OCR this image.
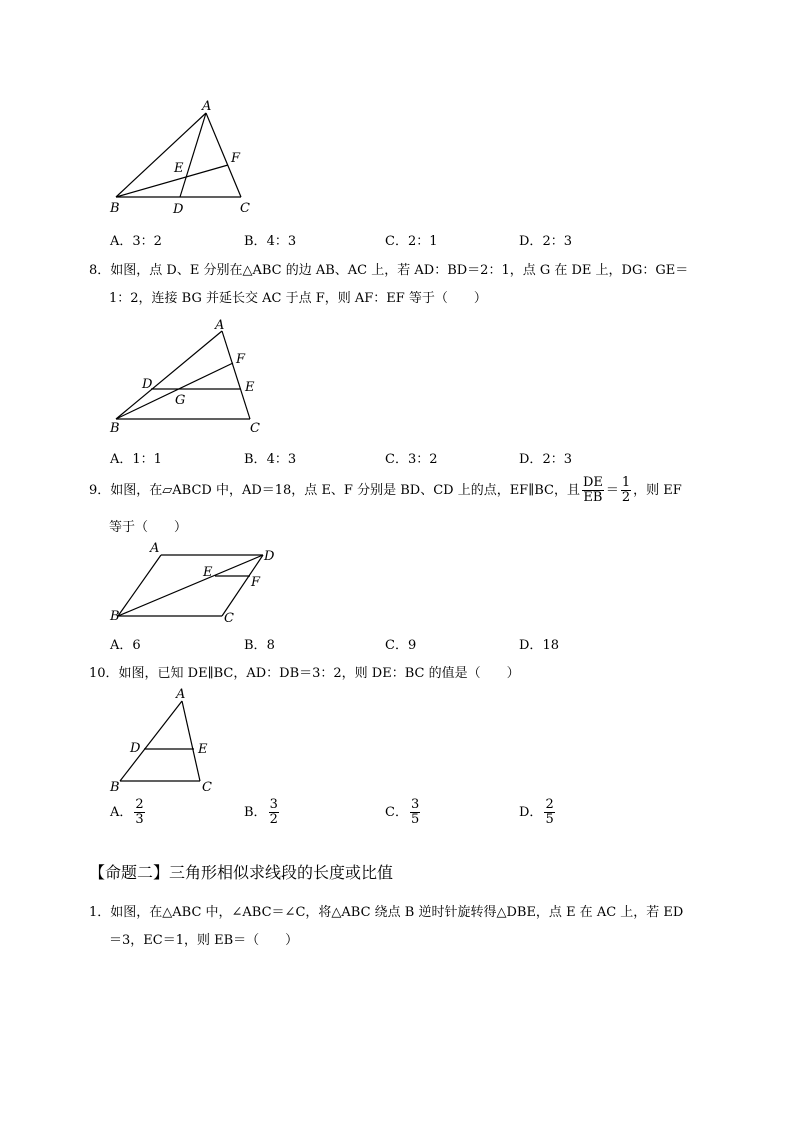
A
B	C
D
E
F
A．3：2	B．4：3	C．2：1	D．2：3
8．如图，点 D、E 分别在△ABC 的边 AB、AC 上，若 AD：BD＝2：1，点 G 在 DE 上，DG：GE＝
1：2，连接 BG 并延长交 AC 于点 F，则 AF：EF 等于（　　）
A
B	C
D	E
F
G
A．1：1	B．4：3	C．3：2	D．2：3
9．如图，在▱ABCD 中，AD＝18，点 E、F 分别是 BD、CD 上的点，EF∥BC，且 $\frac{DE}{EB} = \frac{1}{2}$ ，则 EF
等于（　　）
A
B	C
D
E
F
A．6	B．8	C．9	D．18
10．如图，已知 DE∥BC，AD：DB＝3：2，则 DE：BC 的值是（　　）
A
B	C
D	E
A． $\frac{2}{3}$	B． $\frac{3}{2}$	C． $\frac{3}{5}$	D． $\frac{2}{5}$
【命题二】三角形相似求线段的长度或比值
1．如图，在△ABC 中，∠ABC＝∠C，将△ABC 绕点 B 逆时针旋转得△DBE，点 E 在 AC 上，若 ED
＝3，EC＝1，则 EB＝（　　）
